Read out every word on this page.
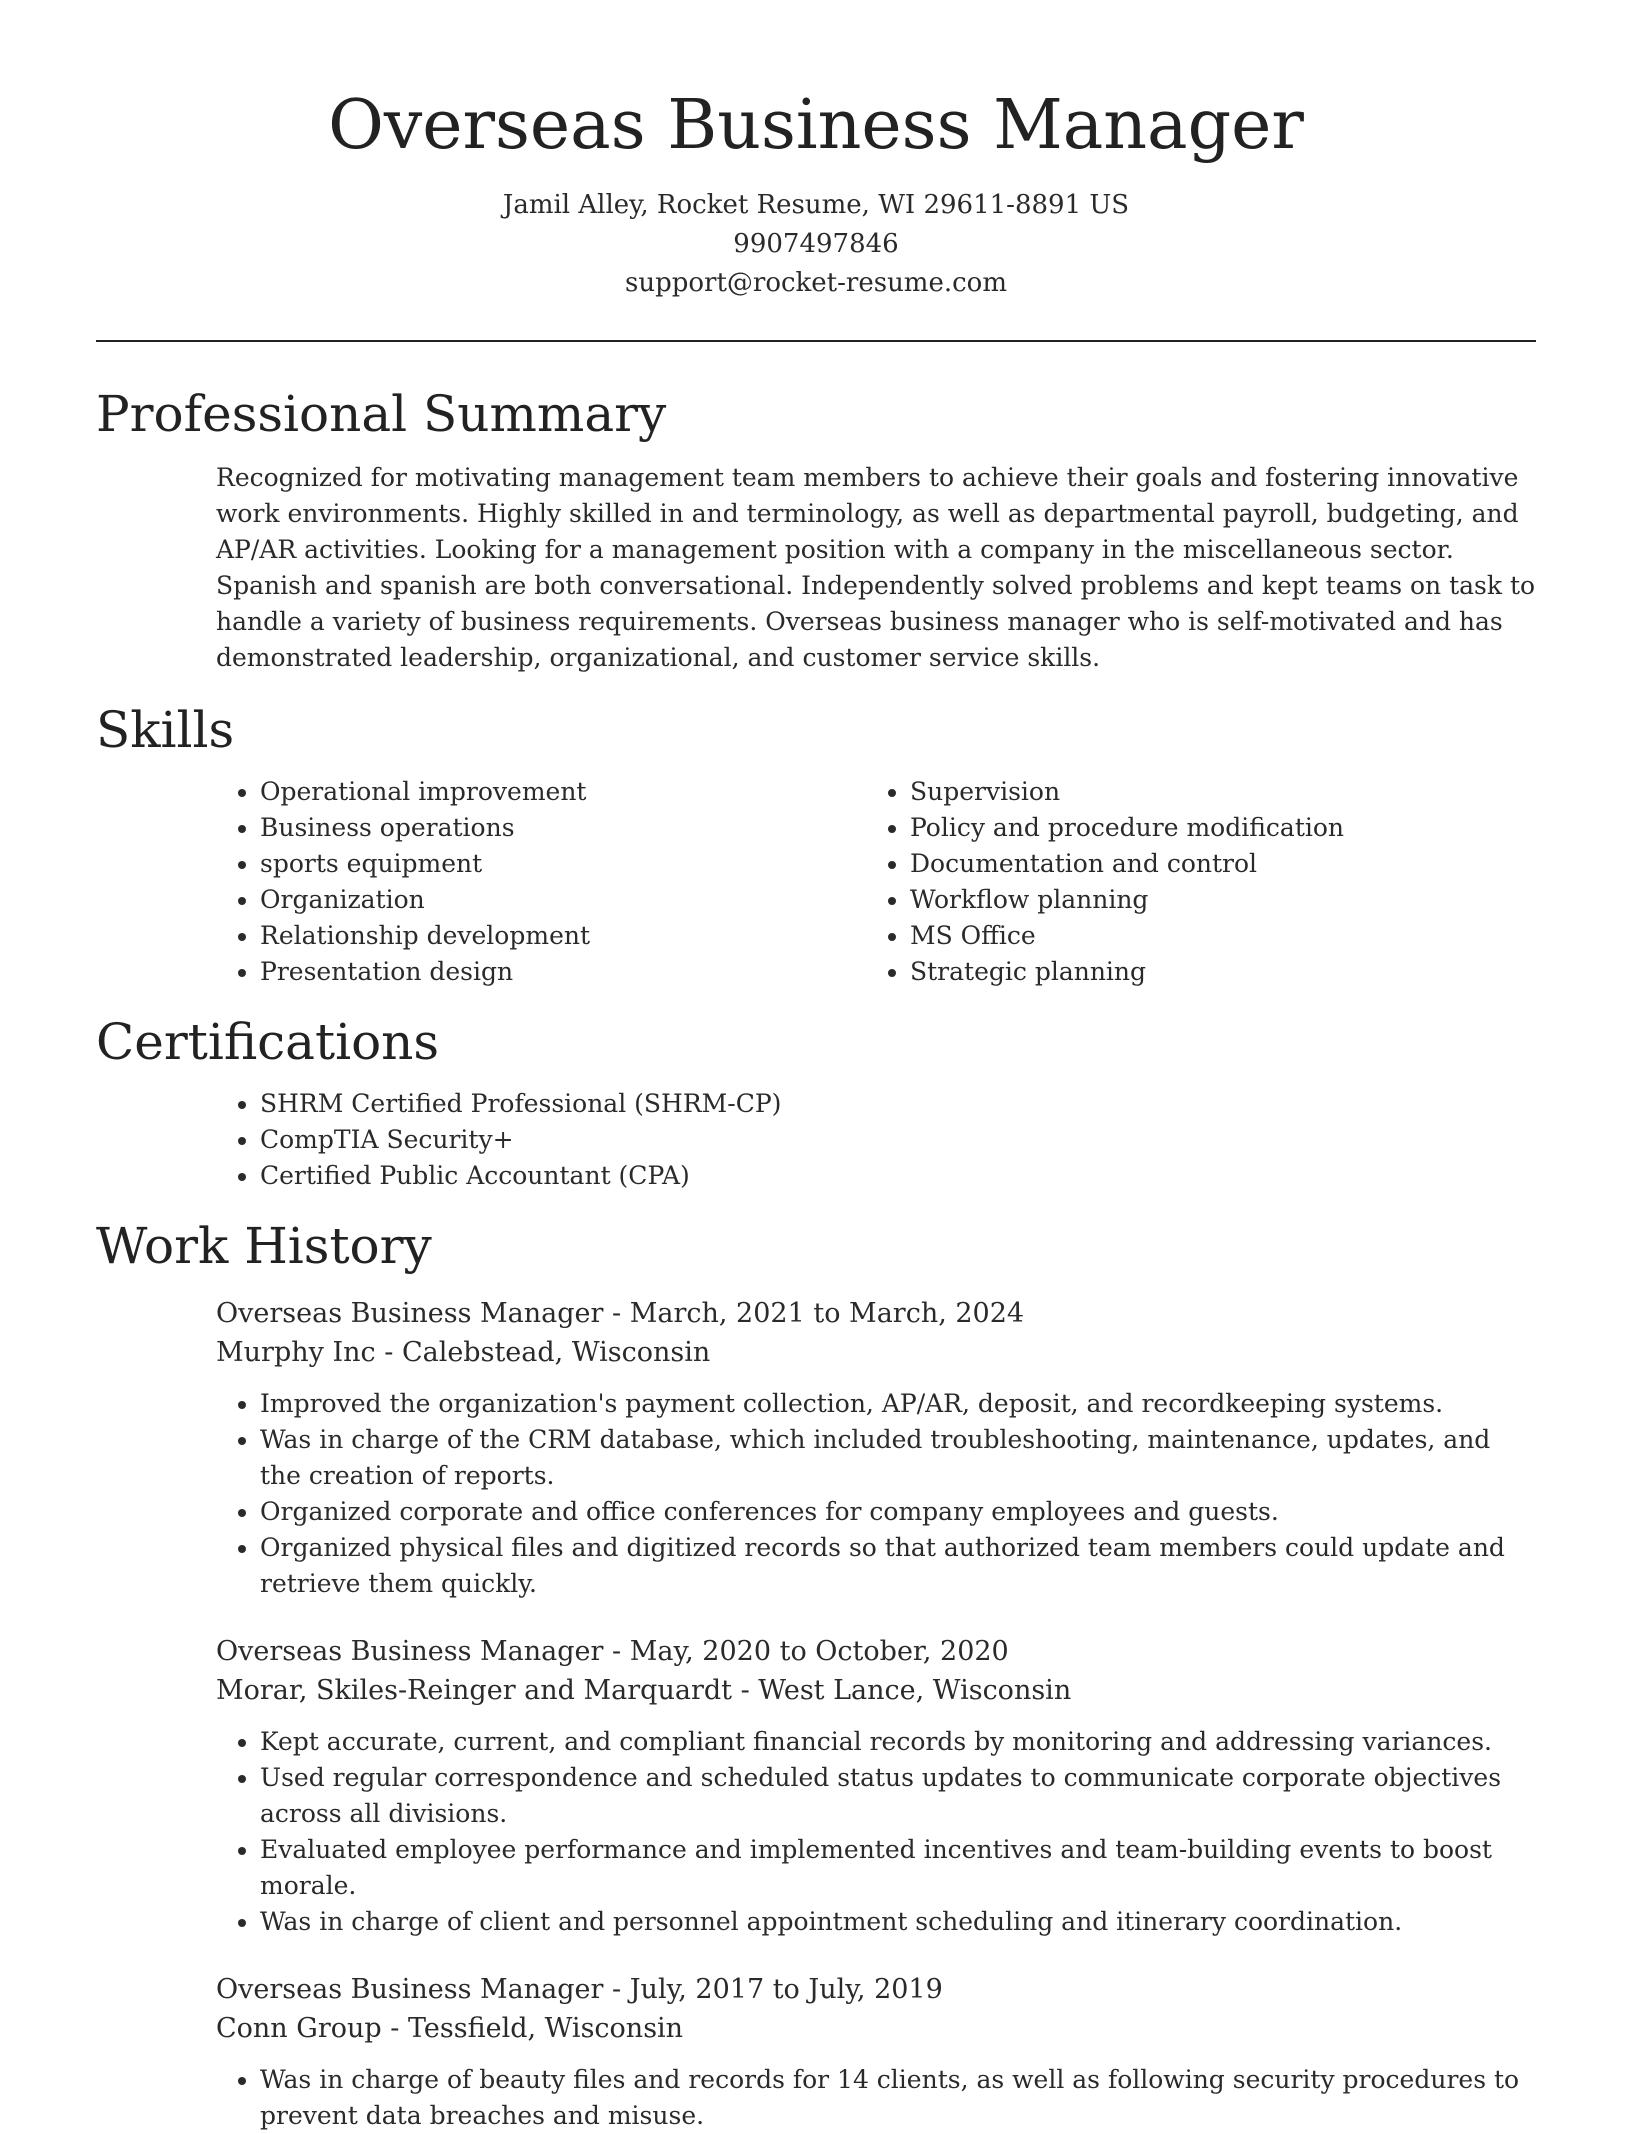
Overseas Business Manager
Jamil Alley, Rocket Resume, WI 29611-8891 US
9907497846
support@rocket-resume.com
Professional Summary

Recognized for motivating management team members to achieve their goals and fostering innovative work environments. Highly skilled in and terminology, as well as departmental payroll, budgeting, and AP/AR activities. Looking for a management position with a company in the miscellaneous sector. Spanish and spanish are both conversational. Independently solved problems and kept teams on task to handle a variety of business requirements. Overseas business manager who is self-motivated and has demonstrated leadership, organizational, and customer service skills.

Skills
• Operational improvement
• Business operations
• sports equipment
• Organization
• Relationship development
• Presentation design
• Supervision
• Policy and procedure modification
• Documentation and control
• Workflow planning
• MS Office
• Strategic planning
Certifications
• SHRM Certified Professional (SHRM-CP)
• CompTIA Security+
• Certified Public Accountant (CPA)
Work History
Overseas Business Manager - March, 2021 to March, 2024
Murphy Inc - Calebstead, Wisconsin
• Improved the organization's payment collection, AP/AR, deposit, and recordkeeping systems.
• Was in charge of the CRM database, which included troubleshooting, maintenance, updates, and the creation of reports.
• Organized corporate and office conferences for company employees and guests.
• Organized physical files and digitized records so that authorized team members could update and retrieve them quickly.
Overseas Business Manager - May, 2020 to October, 2020
Morar, Skiles-Reinger and Marquardt - West Lance, Wisconsin
• Kept accurate, current, and compliant financial records by monitoring and addressing variances.
• Used regular correspondence and scheduled status updates to communicate corporate objectives across all divisions.
• Evaluated employee performance and implemented incentives and team-building events to boost morale.
• Was in charge of client and personnel appointment scheduling and itinerary coordination.
Overseas Business Manager - July, 2017 to July, 2019
Conn Group - Tessfield, Wisconsin
• Was in charge of beauty files and records for 14 clients, as well as following security procedures to prevent data breaches and misuse.
